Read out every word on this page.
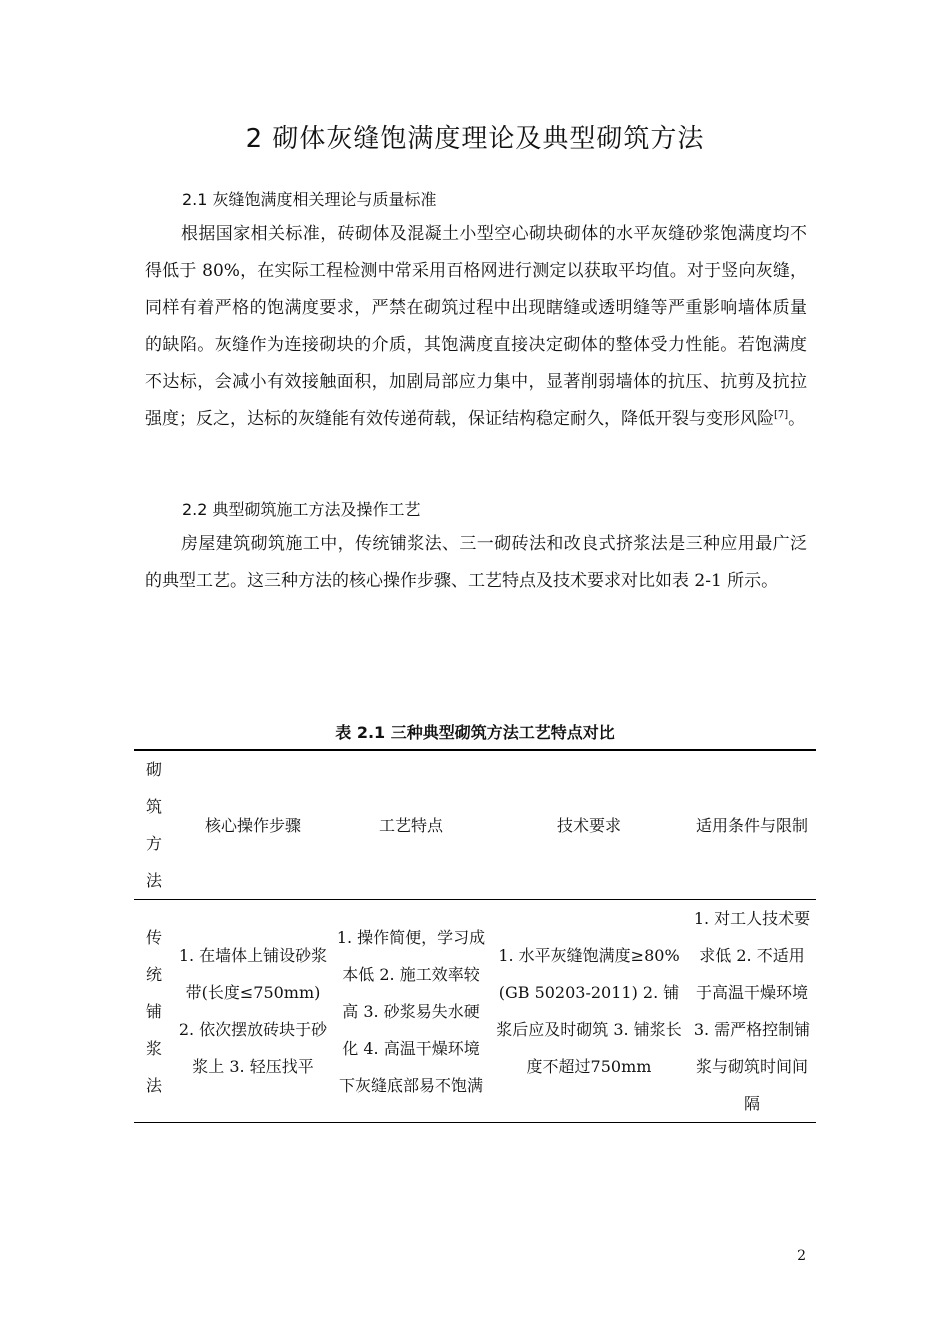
2 砌体灰缝饱满度理论及典型砌筑方法
2.1 灰缝饱满度相关理论与质量标准

根据国家相关标准，砖砌体及混凝土小型空心砌块砌体的水平灰缝砂浆饱满度均不得低于 80%，在实际工程检测中常采用百格网进行测定以获取平均值。对于竖向灰缝，同样有着严格的饱满度要求，严禁在砌筑过程中出现瞎缝或透明缝等严重影响墙体质量的缺陷。灰缝作为连接砌块的介质，其饱满度直接决定砌体的整体受力性能。若饱满度不达标，会减小有效接触面积，加剧局部应力集中，显著削弱墙体的抗压、抗剪及抗拉强度；反之，达标的灰缝能有效传递荷载，保证结构稳定耐久，降低开裂与变形风险[7]。

2.2 典型砌筑施工方法及操作工艺

房屋建筑砌筑施工中，传统铺浆法、三一砌砖法和改良式挤浆法是三种应用最广泛的典型工艺。这三种方法的核心操作步骤、工艺特点及技术要求对比如表 2-1 所示。

表 2.1 三种典型砌筑方法工艺特点对比
砌筑方法	核心操作步骤	工艺特点	技术要求	适用条件与限制

传统铺浆法	1. 在墙体上铺设砂浆带(长度≤750mm) 2. 依次摆放砖块于砂浆上 3. 轻压找平	1. 操作简便，学习成本低 2. 施工效率较高 3. 砂浆易失水硬化 4. 高温干燥环境下灰缝底部易不饱满	1. 水平灰缝饱满度≥80%(GB 50203-2011) 2. 铺浆后应及时砌筑 3. 铺浆长度不超过750mm	1. 对工人技术要求低 2. 不适用于高温干燥环境 3. 需严格控制铺浆与砌筑时间间隔
2
